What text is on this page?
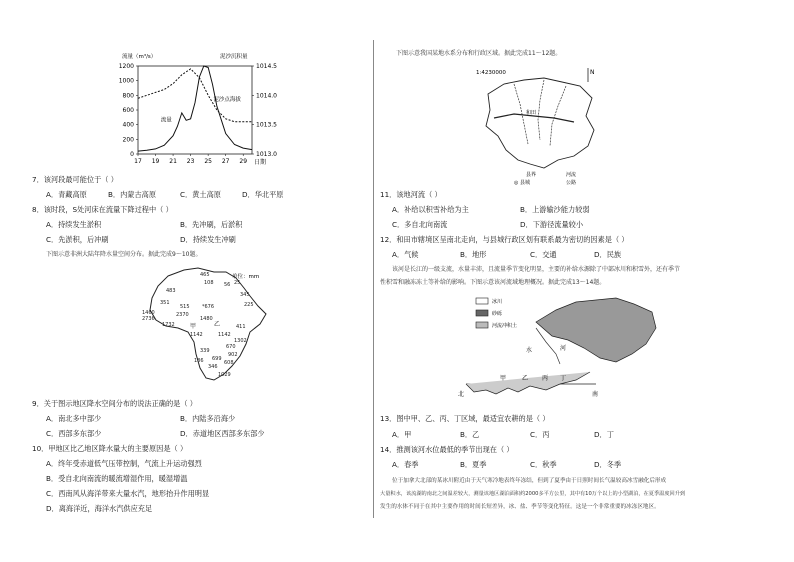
流量（m³/s）	泥沙沉积量
0
200
400
600
800
1000
1200
1013.0
1013.5
1014.0
1014.5
17 19 21 23 25 27 29 日期
流量
泥沙点海拔
7．该河段最可能位于（ ）
A．青藏高原	B．内蒙古高原	C．黄土高原	D．华北平原
8．该时段，S处河床在流量下降过程中（ ）
A．持续发生淤积	B．先冲刷，后淤积
C．先淤积，后冲刷	D．持续发生冲刷
下图示意非洲大陆年降水量空间分布。据此完成9～10题。
单位：mm
465
56
108
483
351
1460
2736
1732
1480
515 *676
2370
1142
339
699
346
1029
1302
411
225
345
1142
670
902
608
186
25
甲	乙
9．关于图示地区降水空间分布的说法正确的是（ ）
A．南北多中部少	B．内陆多沿海少
C．西部多东部少	D．赤道地区西部多东部少
10．甲地区比乙地区降水量大的主要原因是（ ）
A．终年受赤道低气压带控制，气流上升运动强烈
B．受自北向南流的暖流增湿作用，暖湿增温
C．西南风从海洋带来大量水汽，地形抬升作用明显
D．离海洋近，海洋水汽供应充足
下图示意我国某地水系分布和行政区域。据此完成11～12题。
1:4230000	N
和田
县界	河流
◎ 县城	公路
11．该地河流（ ）
A．补给以积雪补给为主	B．上游输沙能力较弱
C．多自北向南流	D．下游径流量较小
12．和田市辖境区呈南北走向，与县城行政区划有联系最为密切的因素是（ ）
A．气候	B．地形	C．交通	D．民族
该河是长江的一级支流，水量丰沛，且流量季节变化明显，主要的补给水源除了中部冰川和积雪外，还有季节
性积雪和融冻冻土等补给的影响。下图示意该河流域地理概况。据此完成13～14题。
冰川
砂砾
河流冲积土
甲	乙 丙 丁
北	南
水	河
13．图中甲、乙、丙、丁区域，最适宜农耕的是（ ）
A．甲	B．乙	C．丙	D．丁
14．推测该河水位最低的季节出现在（ ）
A．春季	B．夏季	C．秋季	D．冬季
位于加拿大北部的某冰川附近由于天气寒冷地表终年冻结，但到了夏季由于日照时间长气温较高冰雪融化后形成
大量积水，该流湖的南北之间温差较大，测量该地区湖泊面积约2000多平方公里，其中有10万个以上的小型湖泊，在夏季温度回升到
发生的水体不同于在其中主要作用的时间长短差异，冰、盐、季节等变化特征。这是一个非常重要的冰冻区地区。
